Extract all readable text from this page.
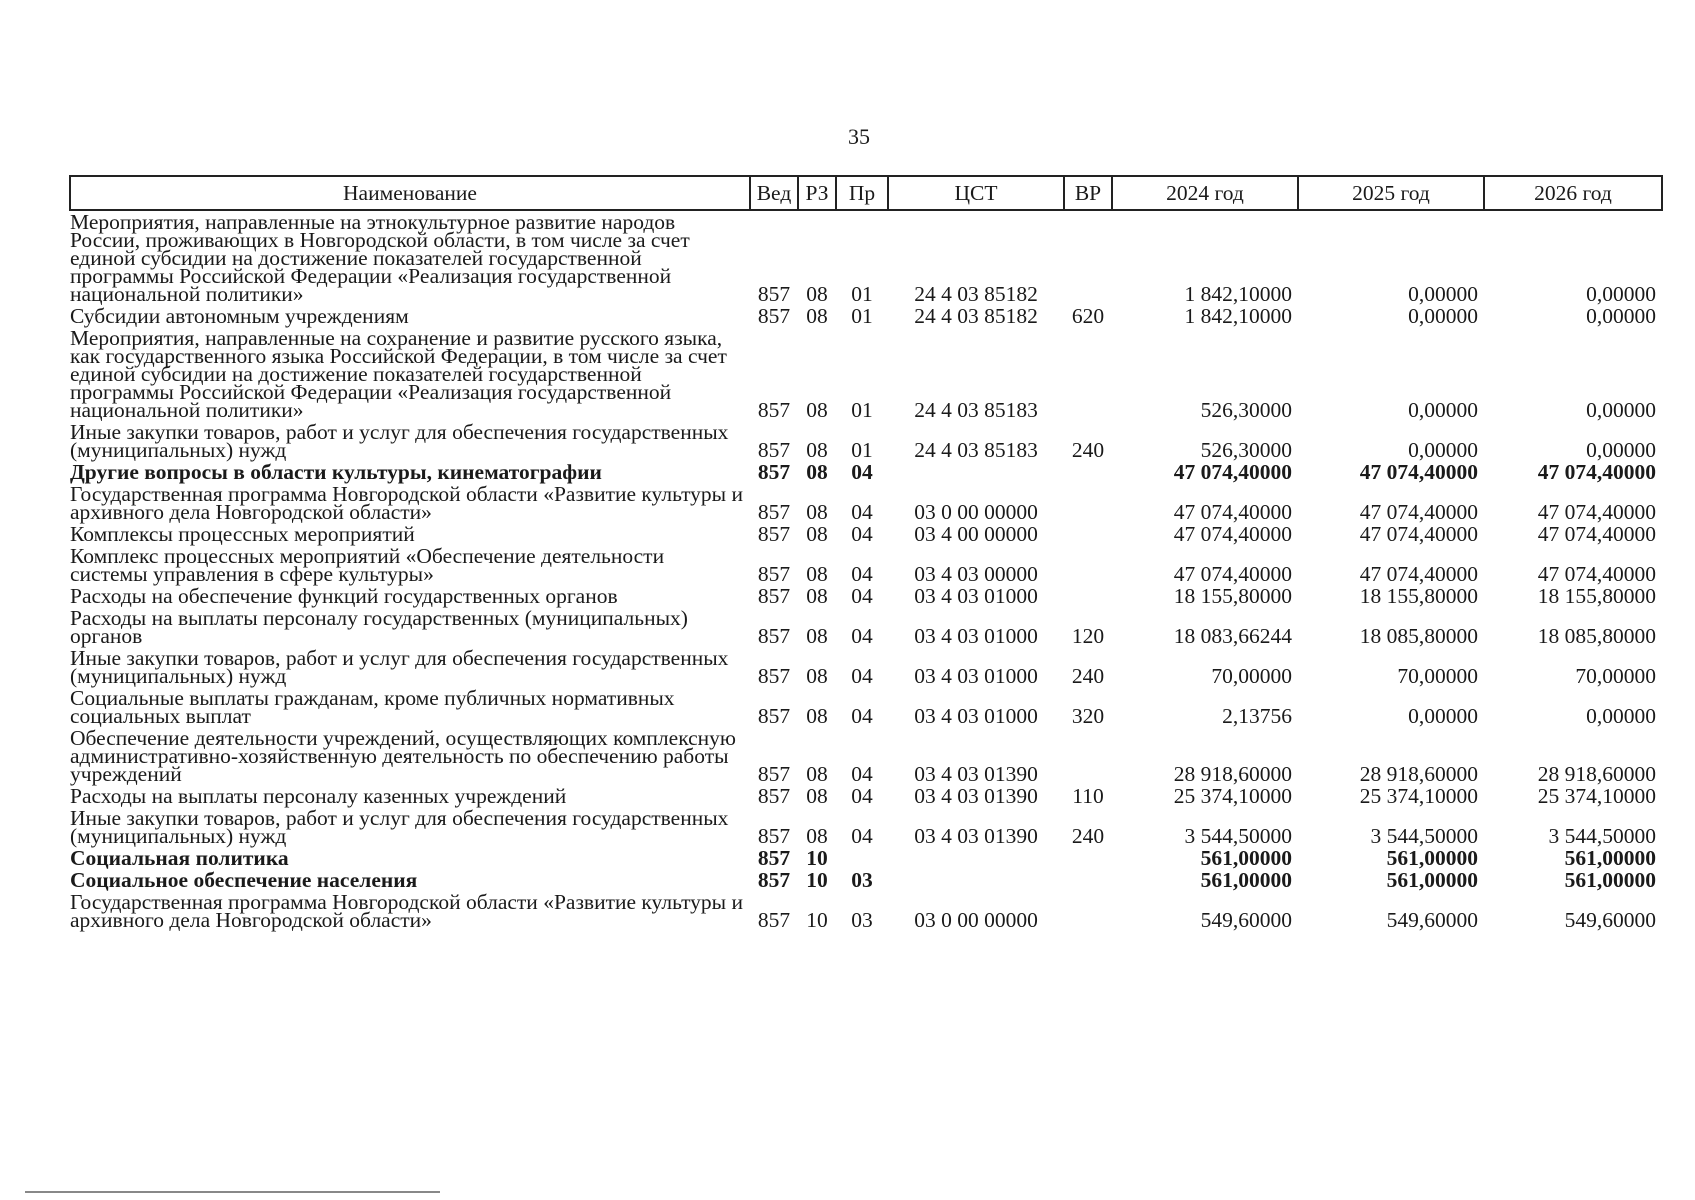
35
Наименование	Вед	РЗ	Пр	ЦСТ	ВР	2024 год	2025 год	2026 год
Мероприятия, направленные на этнокультурное развитие народов России, проживающих в Новгородской области, в том числе за счет единой субсидии на достижение показателей государственной программы Российской Федерации «Реализация государственной национальной политики»	857	08	01	24 4 03 85182		1 842,10000	0,00000	0,00000
Субсидии автономным учреждениям	857	08	01	24 4 03 85182	620	1 842,10000	0,00000	0,00000
Мероприятия, направленные на сохранение и развитие русского языка, как государственного языка Российской Федерации, в том числе за счет единой субсидии на достижение показателей государственной программы Российской Федерации «Реализация государственной национальной политики»	857	08	01	24 4 03 85183		526,30000	0,00000	0,00000
Иные закупки товаров, работ и услуг для обеспечения государственных (муниципальных) нужд	857	08	01	24 4 03 85183	240	526,30000	0,00000	0,00000
Другие вопросы в области культуры, кинематографии	857	08	04			47 074,40000	47 074,40000	47 074,40000
Государственная программа Новгородской области «Развитие культуры и архивного дела Новгородской области»	857	08	04	03 0 00 00000		47 074,40000	47 074,40000	47 074,40000
Комплексы процессных мероприятий	857	08	04	03 4 00 00000		47 074,40000	47 074,40000	47 074,40000
Комплекс процессных мероприятий «Обеспечение деятельности системы управления в сфере культуры»	857	08	04	03 4 03 00000		47 074,40000	47 074,40000	47 074,40000
Расходы на обеспечение функций государственных органов	857	08	04	03 4 03 01000		18 155,80000	18 155,80000	18 155,80000
Расходы на выплаты персоналу государственных (муниципальных) органов	857	08	04	03 4 03 01000	120	18 083,66244	18 085,80000	18 085,80000
Иные закупки товаров, работ и услуг для обеспечения государственных (муниципальных) нужд	857	08	04	03 4 03 01000	240	70,00000	70,00000	70,00000
Социальные выплаты гражданам, кроме публичных нормативных социальных выплат	857	08	04	03 4 03 01000	320	2,13756	0,00000	0,00000
Обеспечение деятельности учреждений, осуществляющих комплексную административно-хозяйственную деятельность по обеспечению работы учреждений	857	08	04	03 4 03 01390		28 918,60000	28 918,60000	28 918,60000
Расходы на выплаты персоналу казенных учреждений	857	08	04	03 4 03 01390	110	25 374,10000	25 374,10000	25 374,10000
Иные закупки товаров, работ и услуг для обеспечения государственных (муниципальных) нужд	857	08	04	03 4 03 01390	240	3 544,50000	3 544,50000	3 544,50000
Социальная политика	857	10				561,00000	561,00000	561,00000
Социальное обеспечение населения	857	10	03			561,00000	561,00000	561,00000
Государственная программа Новгородской области «Развитие культуры и архивного дела Новгородской области»	857	10	03	03 0 00 00000		549,60000	549,60000	549,60000
